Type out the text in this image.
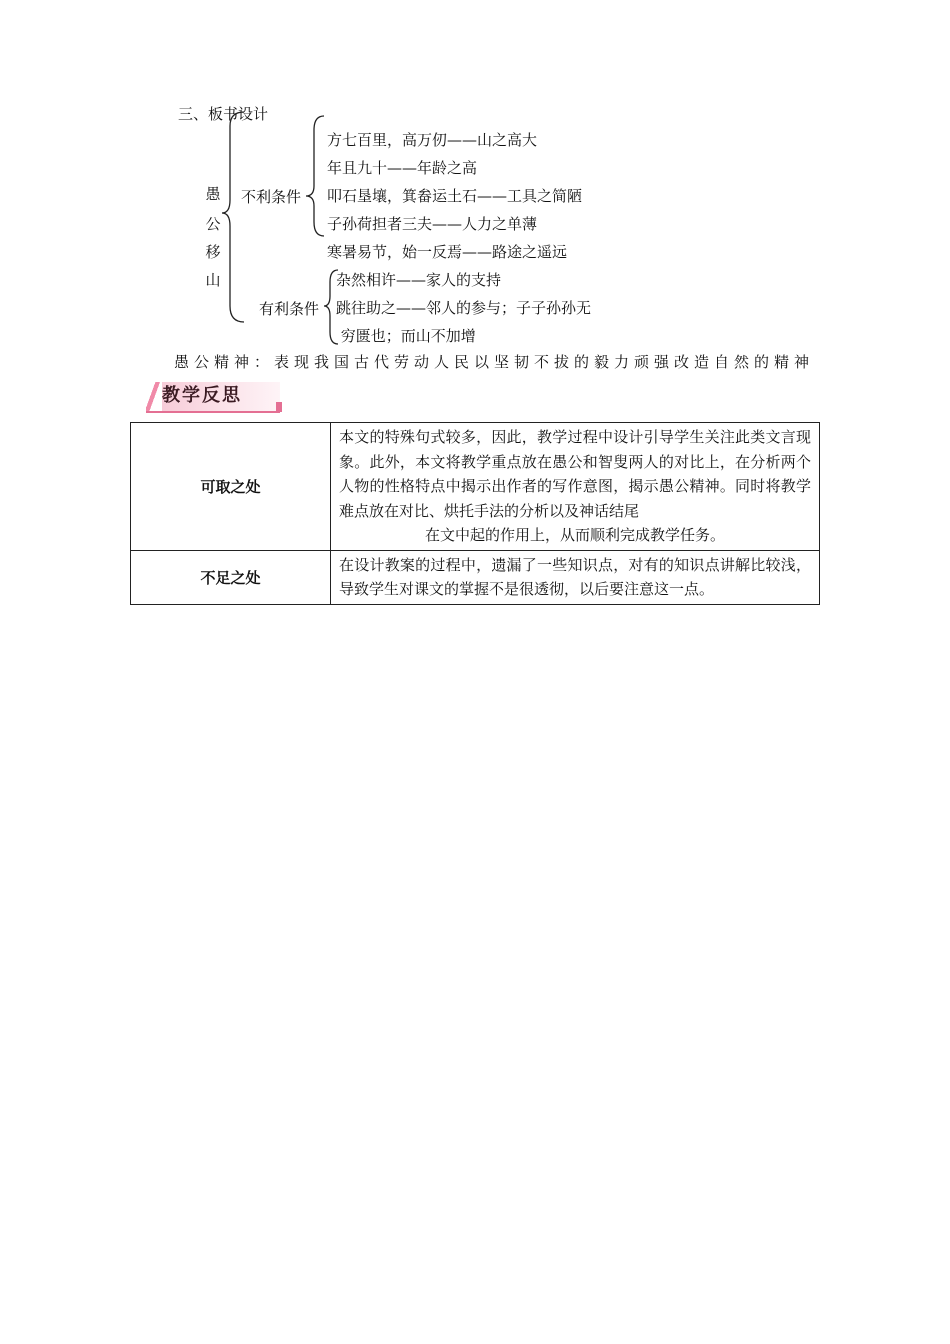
三、板书设计
愚
公
移
山
不利条件
方七百里，高万仞——山之高大
年且九十——年龄之高
叩石垦壤，箕畚运土石——工具之简陋
子孙荷担者三夫——人力之单薄
寒暑易节，始一反焉——路途之遥远
有利条件
杂然相许——家人的支持
跳往助之——邻人的参与；子子孙孙无
穷匮也；而山不加增
愚公精神：表现我国古代劳动人民以坚韧不拔的毅力顽强改造自然的精神
教学反思
可取之处	本文的特殊句式较多，因此，教学过程中设计引导学生关注此类文言现象。此外，本文将教学重点放在愚公和智叟两人的对比上，在分析两个人物的性格特点中揭示出作者的写作意图，揭示愚公精神。同时将教学难点放在对比、烘托手法的分析以及神话结尾
在文中起的作用上，从而顺利完成教学任务。

不足之处	在设计教案的过程中，遗漏了一些知识点，对有的知识点讲解比较浅，导致学生对课文的掌握不是很透彻，以后要注意这一点。
